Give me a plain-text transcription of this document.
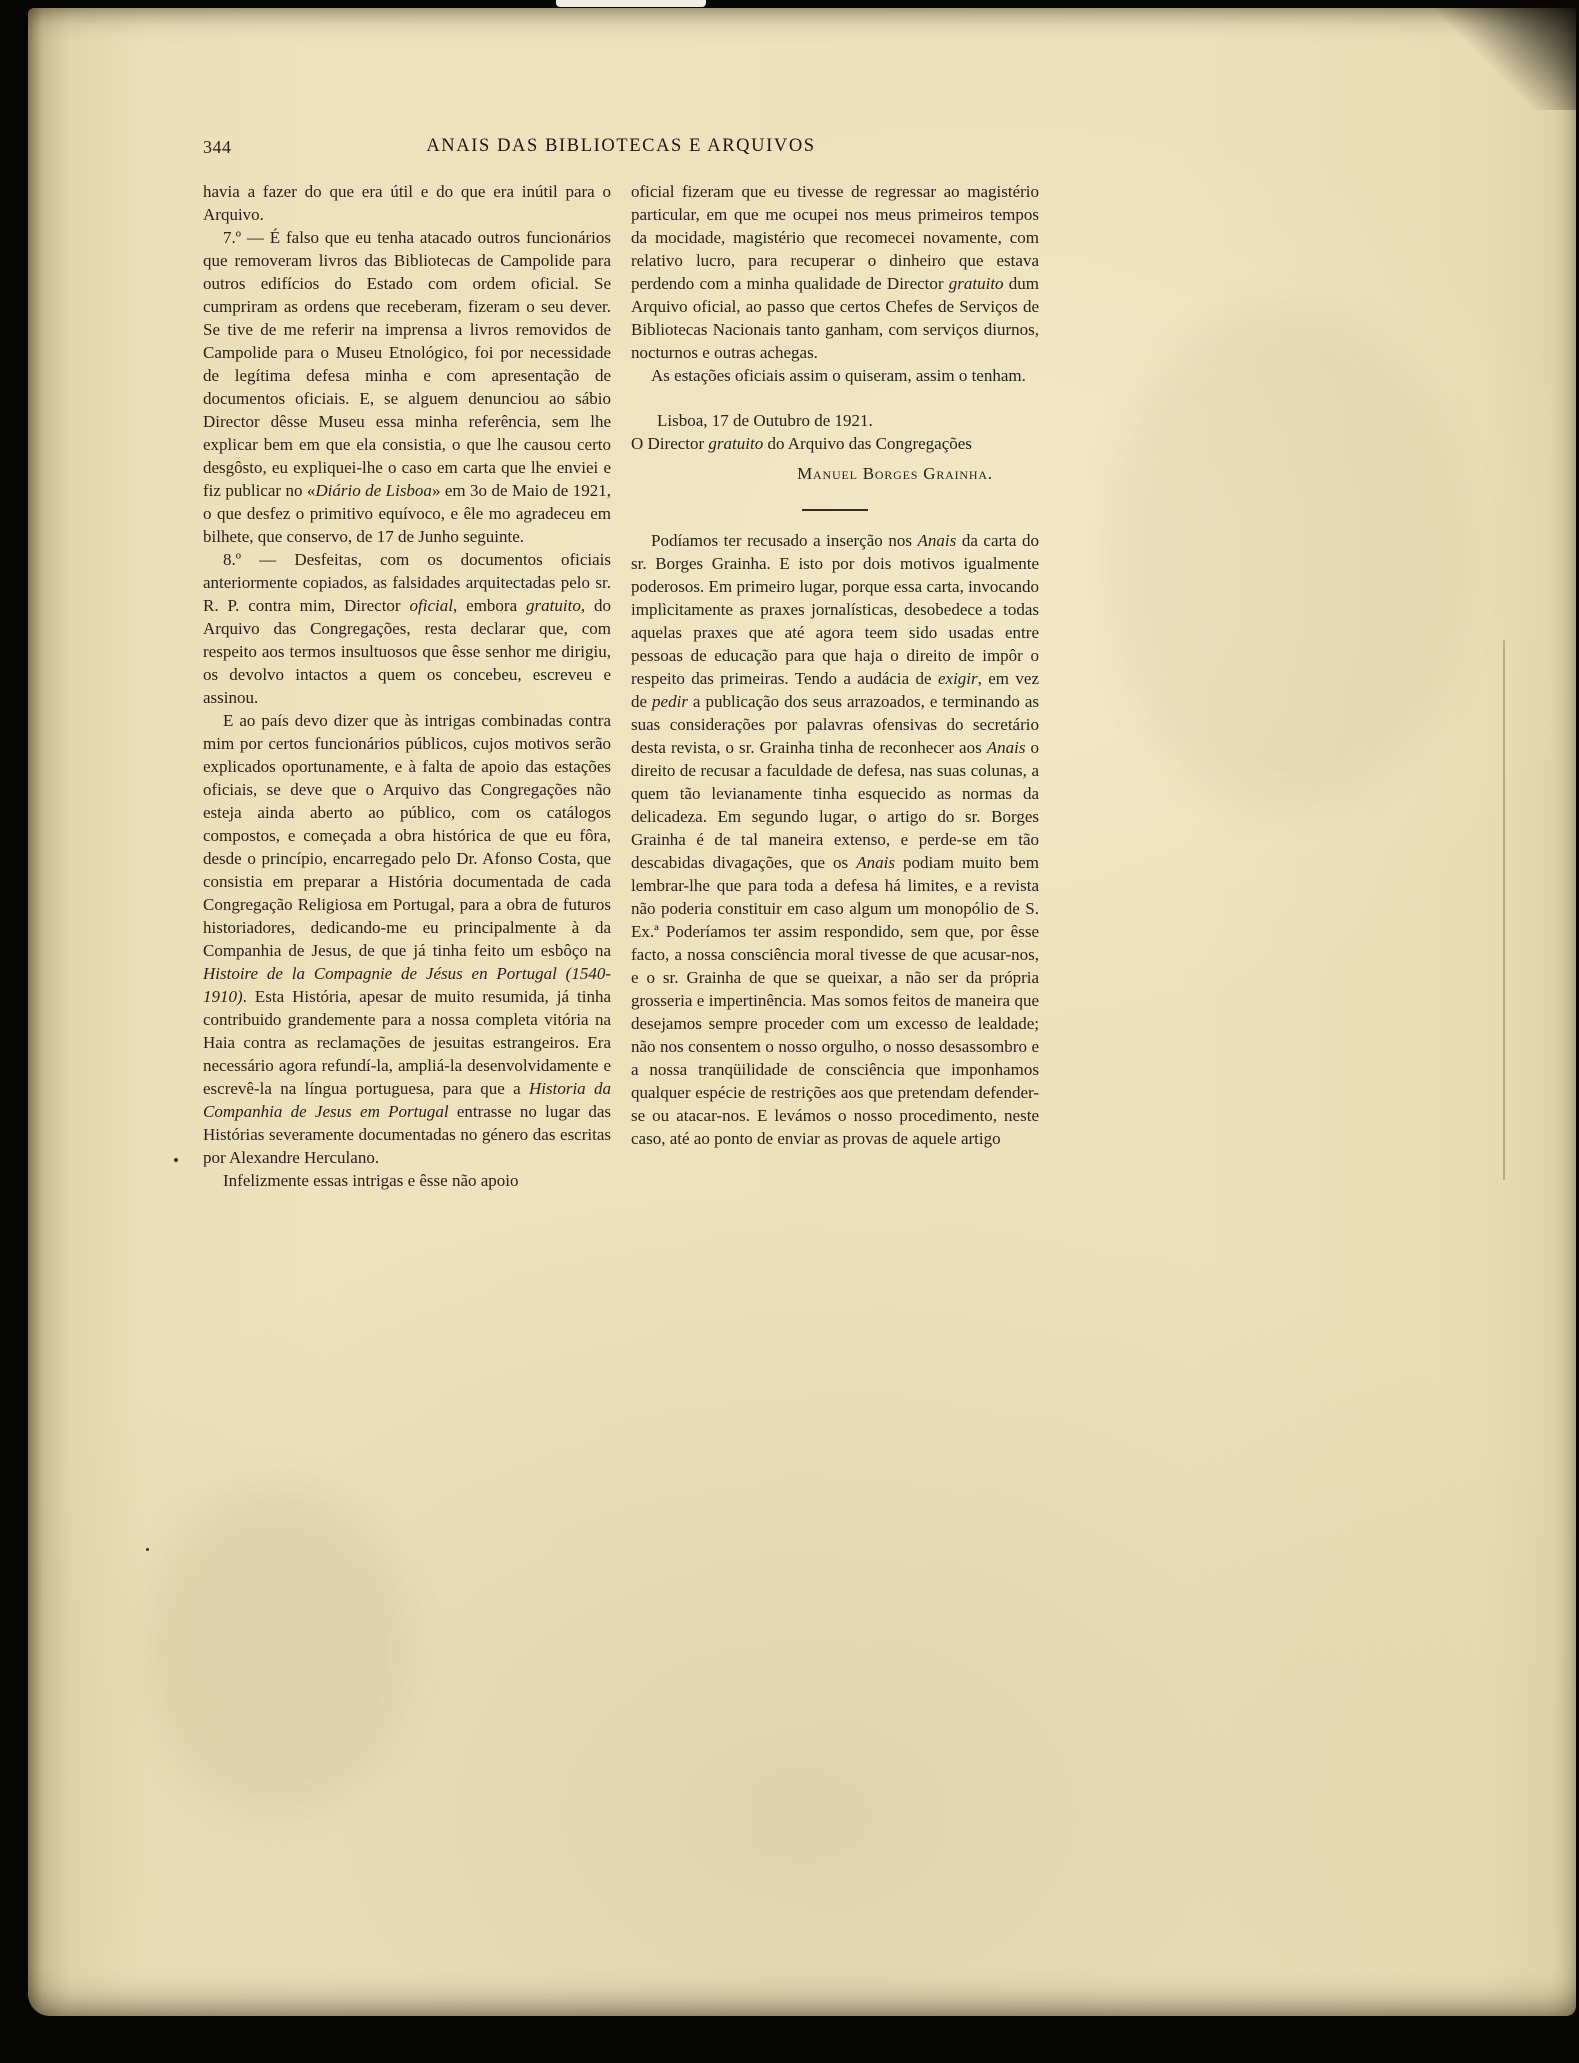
344	ANAIS DAS BIBLIOTECAS E ARQUIVOS

havia a fazer do que era útil e do que era inútil para o Arquivo.

7.º — É falso que eu tenha atacado outros funcionários que removeram livros das Bibliotecas de Campolide para outros edifícios do Estado com ordem oficial. Se cumpriram as ordens que receberam, fizeram o seu dever. Se tive de me referir na imprensa a livros removidos de Campolide para o Museu Etnológico, foi por necessidade de legítima defesa minha e com apresentação de documentos oficiais. E, se alguem denunciou ao sábio Director dêsse Museu essa minha referência, sem lhe explicar bem em que ela consistia, o que lhe causou certo desgôsto, eu expliquei-lhe o caso em carta que lhe enviei e fiz publicar no «Diário de Lisboa» em 3o de Maio de 1921, o que desfez o primitivo equívoco, e êle mo agradeceu em bilhete, que conservo, de 17 de Junho seguinte.

8.º — Desfeitas, com os documentos oficiais anteriormente copiados, as falsidades arquitectadas pelo sr. R. P. contra mim, Director oficial, embora gratuito, do Arquivo das Congregações, resta declarar que, com respeito aos termos insultuosos que êsse senhor me dirigiu, os devolvo intactos a quem os concebeu, escreveu e assinou.

E ao país devo dizer que às intrigas combinadas contra mim por certos funcionários públicos, cujos motivos serão explicados oportunamente, e à falta de apoio das estações oficiais, se deve que o Arquivo das Congregações não esteja ainda aberto ao público, com os catálogos compostos, e começada a obra histórica de que eu fôra, desde o princípio, encarregado pelo Dr. Afonso Costa, que consistia em preparar a História documentada de cada Congregação Religiosa em Portugal, para a obra de futuros historiadores, dedicando-me eu principalmente à da Companhia de Jesus, de que já tinha feito um esbôço na Histoire de la Compagnie de Jésus en Portugal (1540-1910). Esta História, apesar de muito resumida, já tinha contribuido grandemente para a nossa completa vitória na Haia contra as reclamações de jesuitas estrangeiros. Era necessário agora refundí-la, ampliá-la desenvolvidamente e escrevê-la na língua portuguesa, para que a Historia da Companhia de Jesus em Portugal entrasse no lugar das Histórias severamente documentadas no género das escritas por Alexandre Herculano.

Infelizmente essas intrigas e êsse não apoio

oficial fizeram que eu tivesse de regressar ao magistério particular, em que me ocupei nos meus primeiros tempos da mocidade, magistério que recomecei novamente, com relativo lucro, para recuperar o dinheiro que estava perdendo com a minha qualidade de Director gratuito dum Arquivo oficial, ao passo que certos Chefes de Serviços de Bibliotecas Nacionais tanto ganham, com serviços diurnos, nocturnos e outras achegas.

As estações oficiais assim o quiseram, assim o tenham.

Lisboa, 17 de Outubro de 1921.

O Director gratuito do Arquivo das Congregações

Manuel Borges Grainha.

Podíamos ter recusado a inserção nos Anais da carta do sr. Borges Grainha. E isto por dois motivos igualmente poderosos. Em primeiro lugar, porque essa carta, invocando implìcitamente as praxes jornalísticas, desobedece a todas aquelas praxes que até agora teem sido usadas entre pessoas de educação para que haja o direito de impôr o respeito das primeiras. Tendo a audácia de exigir, em vez de pedir a publicação dos seus arrazoados, e terminando as suas considerações por palavras ofensivas do secretário desta revista, o sr. Grainha tinha de reconhecer aos Anais o direito de recusar a faculdade de defesa, nas suas colunas, a quem tão levianamente tinha esquecido as normas da delicadeza. Em segundo lugar, o artigo do sr. Borges Grainha é de tal maneira extenso, e perde-se em tão descabidas divagações, que os Anais podiam muito bem lembrar-lhe que para toda a defesa há limites, e a revista não poderia constituir em caso algum um monopólio de S. Ex.ª Poderíamos ter assim respondido, sem que, por êsse facto, a nossa consciência moral tivesse de que acusar-nos, e o sr. Grainha de que se queixar, a não ser da própria grosseria e impertinência. Mas somos feitos de maneira que desejamos sempre proceder com um excesso de lealdade; não nos consentem o nosso orgulho, o nosso desassombro e a nossa tranqüilidade de consciência que imponhamos qualquer espécie de restrições aos que pretendam defender-se ou atacar-nos. E levámos o nosso procedimento, neste caso, até ao ponto de enviar as provas de aquele artigo
